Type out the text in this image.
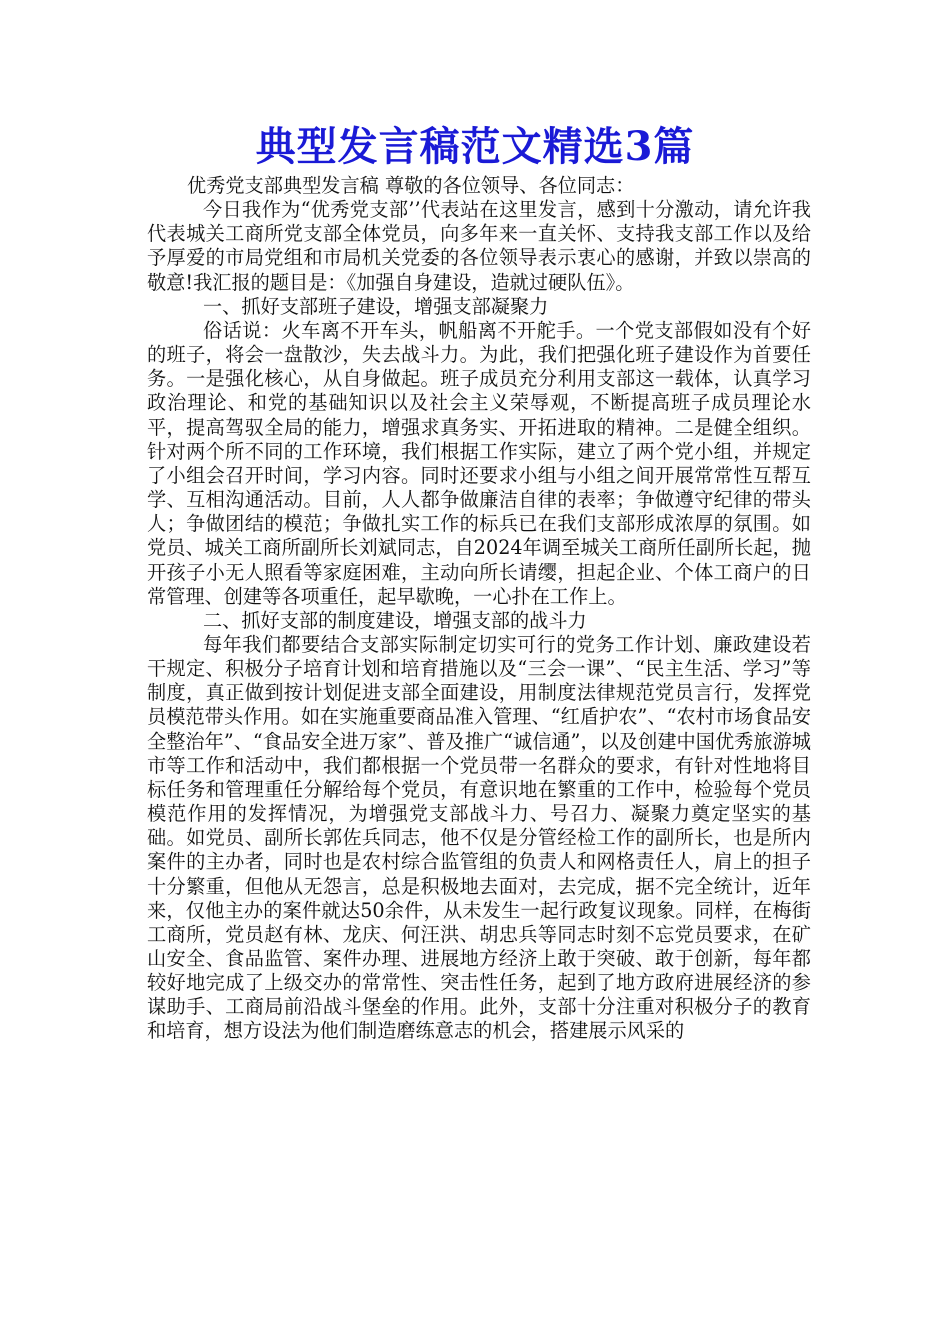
典型发言稿范文精选3篇

优秀党支部典型发言稿 尊敬的各位领导、各位同志：

今日我作为“优秀党支部’’代表站在这里发言，感到十分激动，请允许我代表城关工商所党支部全体党员，向多年来一直关怀、支持我支部工作以及给予厚爱的市局党组和市局机关党委的各位领导表示衷心的感谢，并致以崇高的敬意!我汇报的题目是：《加强自身建设，造就过硬队伍》。

一、抓好支部班子建设，增强支部凝聚力

俗话说：火车离不开车头，帆船离不开舵手。一个党支部假如没有个好的班子，将会一盘散沙，失去战斗力。为此，我们把强化班子建设作为首要任务。一是强化核心，从自身做起。班子成员充分利用支部这一载体，认真学习政治理论、和党的基础知识以及社会主义荣辱观，不断提高班子成员理论水平，提高驾驭全局的能力，增强求真务实、开拓进取的精神。二是健全组织。针对两个所不同的工作环境，我们根据工作实际，建立了两个党小组，并规定了小组会召开时间，学习内容。同时还要求小组与小组之间开展常常性互帮互学、互相沟通活动。目前，人人都争做廉洁自律的表率；争做遵守纪律的带头人；争做团结的模范；争做扎实工作的标兵已在我们支部形成浓厚的氛围。如党员、城关工商所副所长刘斌同志，自2024年调至城关工商所任副所长起，抛开孩子小无人照看等家庭困难，主动向所长请缨，担起企业、个体工商户的日常管理、创建等各项重任，起早歇晚，一心扑在工作上。

二、抓好支部的制度建设，增强支部的战斗力

每年我们都要结合支部实际制定切实可行的党务工作计划、廉政建设若干规定、积极分子培育计划和培育措施以及“三会一课”、“民主生活、学习”等制度，真正做到按计划促进支部全面建设，用制度法律规范党员言行，发挥党员模范带头作用。如在实施重要商品准入管理、“红盾护农”、“农村市场食品安全整治年”、“食品安全进万家”、普及推广“诚信通”，以及创建中国优秀旅游城市等工作和活动中，我们都根据一个党员带一名群众的要求，有针对性地将目标任务和管理重任分解给每个党员，有意识地在繁重的工作中，检验每个党员模范作用的发挥情况，为增强党支部战斗力、号召力、凝聚力奠定坚实的基础。如党员、副所长郭佐兵同志，他不仅是分管经检工作的副所长，也是所内案件的主办者，同时也是农村综合监管组的负责人和网格责任人，肩上的担子十分繁重，但他从无怨言，总是积极地去面对，去完成，据不完全统计，近年来，仅他主办的案件就达50余件，从未发生一起行政复议现象。同样，在梅街工商所，党员赵有林、龙庆、何汪洪、胡忠兵等同志时刻不忘党员要求，在矿山安全、食品监管、案件办理、进展地方经济上敢于突破、敢于创新，每年都较好地完成了上级交办的常常性、突击性任务，起到了地方政府进展经济的参谋助手、工商局前沿战斗堡垒的作用。此外，支部十分注重对积极分子的教育和培育，想方设法为他们制造磨练意志的机会，搭建展示风采的
